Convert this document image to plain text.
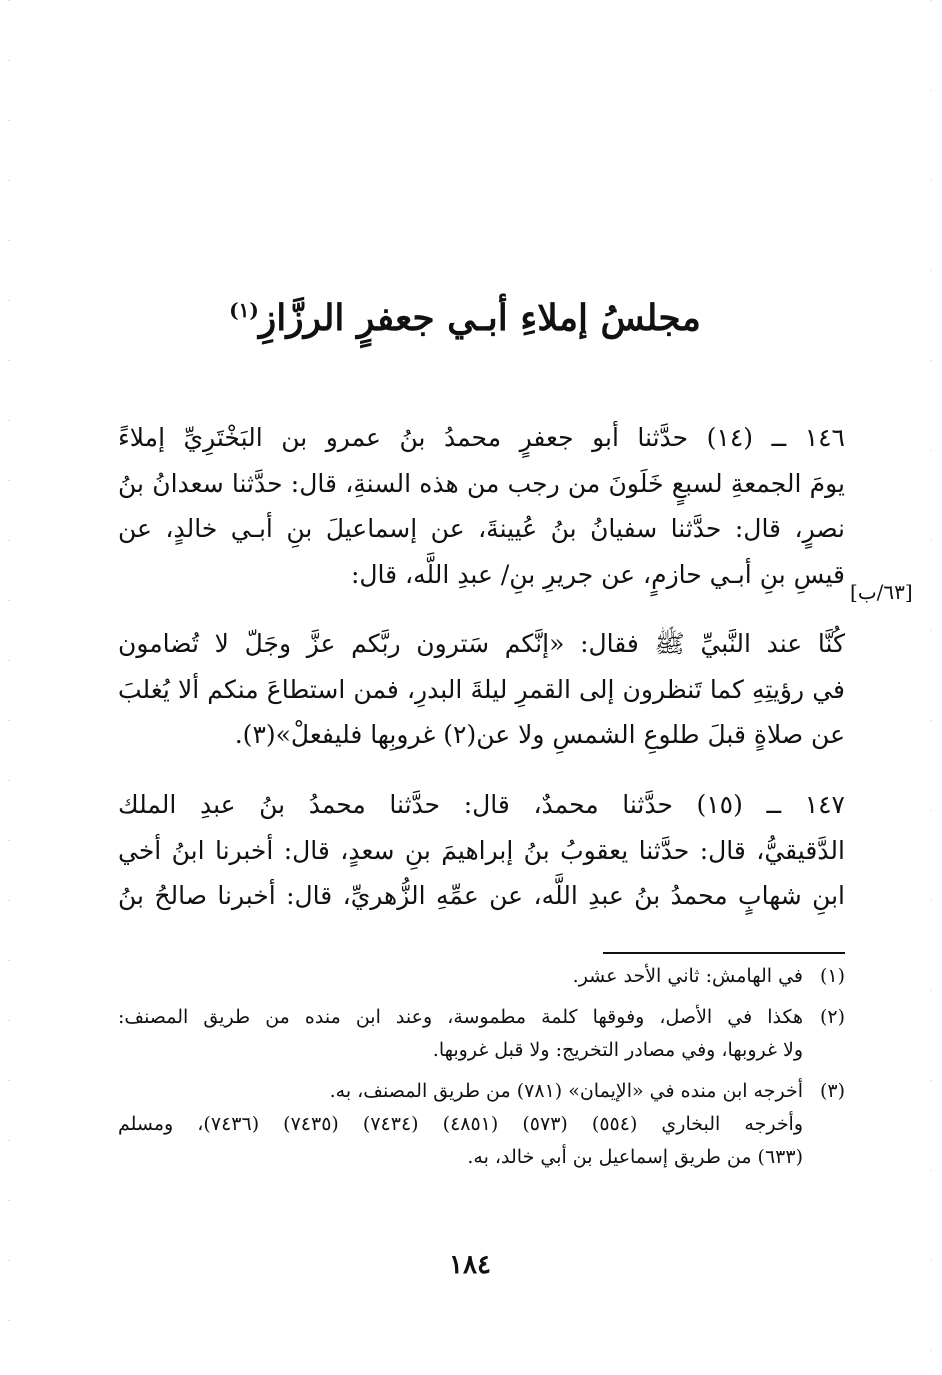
مجلسُ إملاءِ أبـي جعفرٍ الرزَّازِ$^{(١)}$
١٤٦ ــ (١٤) حدَّثنا أبو جعفرٍ محمدُ بنُ عمرو بن البَخْتَرِيِّ إملاءً
يومَ الجمعةِ لسبعٍ خَلَونَ من رجب من هذه السنةِ، قال: حدَّثنا سعدانُ بنُ
نصرٍ، قال: حدَّثنا سفيانُ بنُ عُيينةَ، عن إسماعيلَ بنِ أبـي خالدٍ، عن
قيسِ بنِ أبـي حازمٍ، عن جريرِ بنِ/ عبدِ اللَّه، قال:
[٦٣/ب]
كُنَّا عند النَّبيِّ ﷺ فقال: «إنَّكم سَترون ربَّكم عزَّ وجَلّ لا تُضامون
في رؤيتِهِ كما تَنظرون إلى القمرِ ليلةَ البدرِ، فمن استطاعَ منكم ألا يُغلبَ
عن صلاةٍ قبلَ طلوعِ الشمسِ ولا عن(٢) غروبِها فليفعلْ»(٣).
١٤٧ ــ (١٥) حدَّثنا محمدٌ، قال: حدَّثنا محمدُ بنُ عبدِ الملك
الدَّقيقيُّ، قال: حدَّثنا يعقوبُ بنُ إبراهيمَ بنِ سعدٍ، قال: أخبرنا ابنُ أخي
ابنِ شهابٍ محمدُ بنُ عبدِ اللَّه، عن عمِّهِ الزُّهريِّ، قال: أخبرنا صالحُ بنُ
(١)
في الهامش: ثاني الأحد عشر.
(٢)
هكذا في الأصل، وفوقها كلمة مطموسة، وعند ابن منده من طريق المصنف:
ولا غروبها، وفي مصادر التخريج: ولا قبل غروبها.
(٣)
أخرجه ابن منده في «الإيمان» (٧٨١) من طريق المصنف، به.
وأخرجه البخاري (٥٥٤) (٥٧٣) (٤٨٥١) (٧٤٣٤) (٧٤٣٥) (٧٤٣٦)، ومسلم
(٦٣٣) من طريق إسماعيل بن أبي خالد، به.
١٨٤
